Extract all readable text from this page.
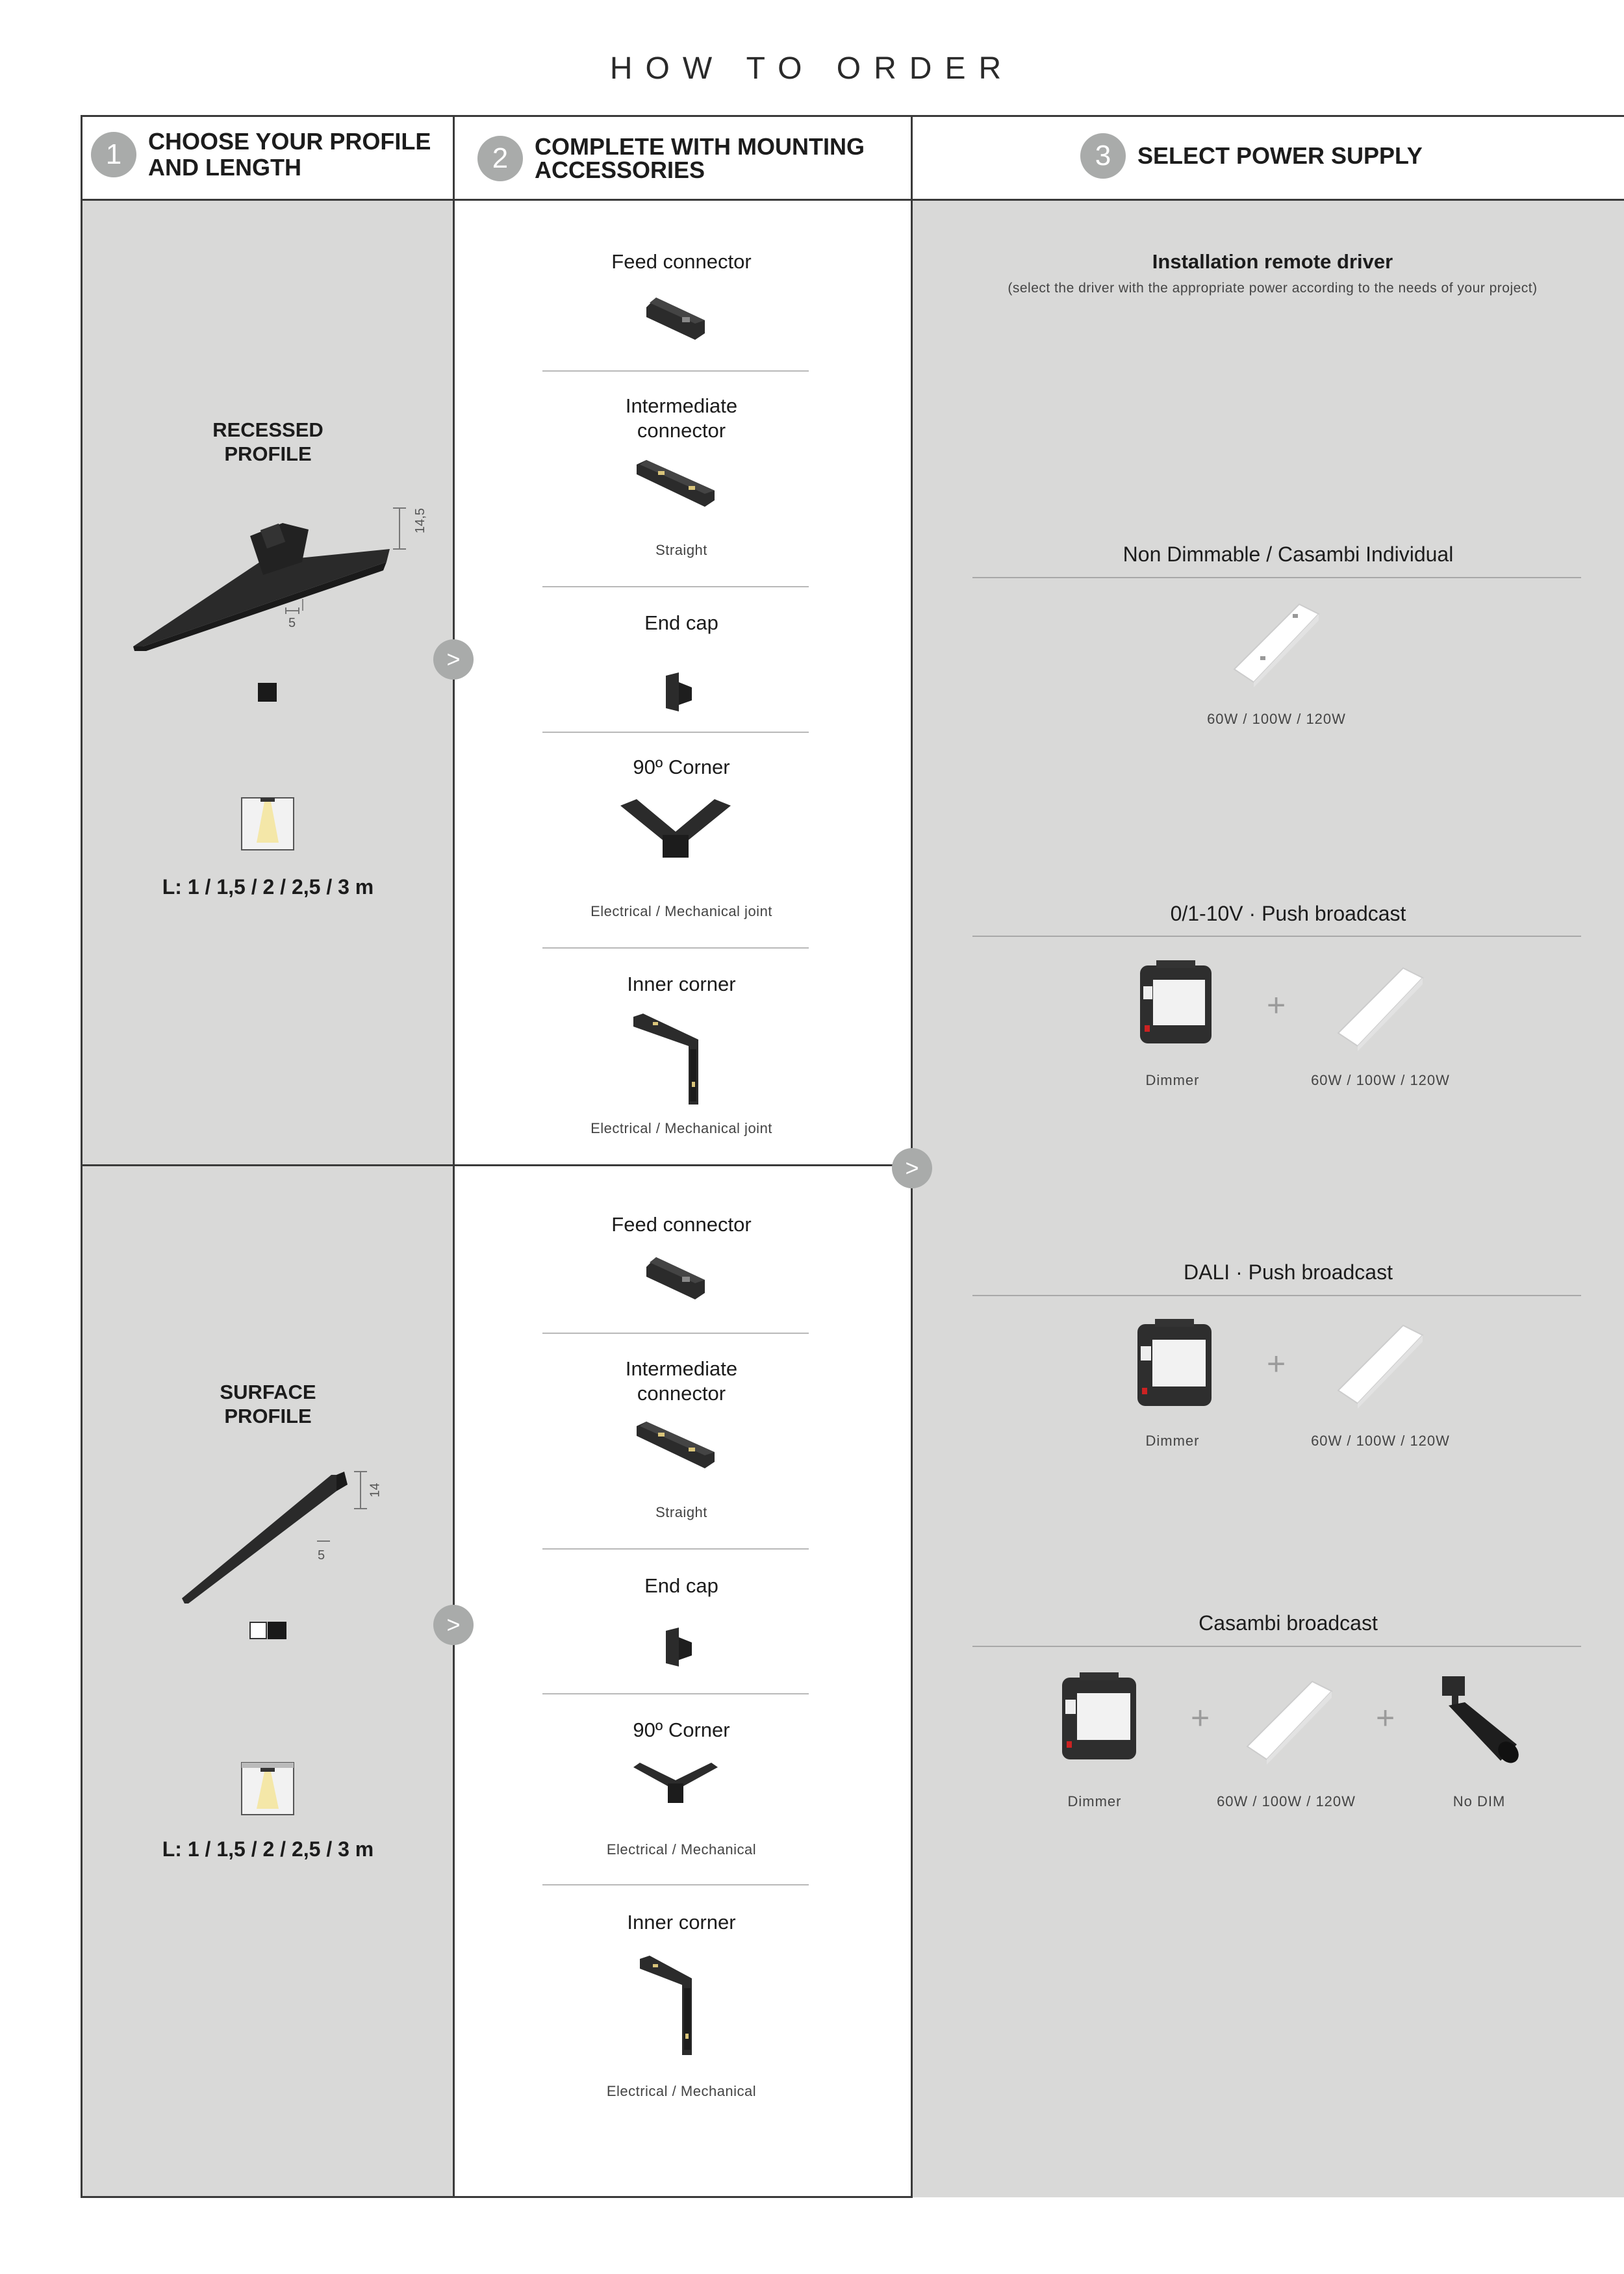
HOW TO ORDER
1	CHOOSE YOUR PROFILE
AND LENGTH	2	COMPLETE WITH MOUNTING
ACCESSORIES	3	SELECT POWER SUPPLY
RECESSED
PROFILE
14,5
5
L: 1 / 1,5 / 2 / 2,5 / 3 m
SURFACE
PROFILE
14
5
L: 1 / 1,5 / 2 / 2,5 / 3 m
>
>
>
Feed connector
Intermediate
connector
Straight
End cap
90º Corner
Electrical / Mechanical joint
Inner corner
Electrical / Mechanical joint
Feed connector
Intermediate
connector
Straight
End cap
90º Corner
Electrical / Mechanical
Inner corner
Electrical / Mechanical
Installation remote driver
(select the driver with the appropriate power according to the needs of your project)
Non Dimmable / Casambi Individual
60W / 100W / 120W
0/1-10V · Push broadcast
+
Dimmer	60W / 100W / 120W
DALI · Push broadcast
+
Dimmer	60W / 100W / 120W
Casambi broadcast
+	+
Dimmer	60W / 100W / 120W	No DIM
